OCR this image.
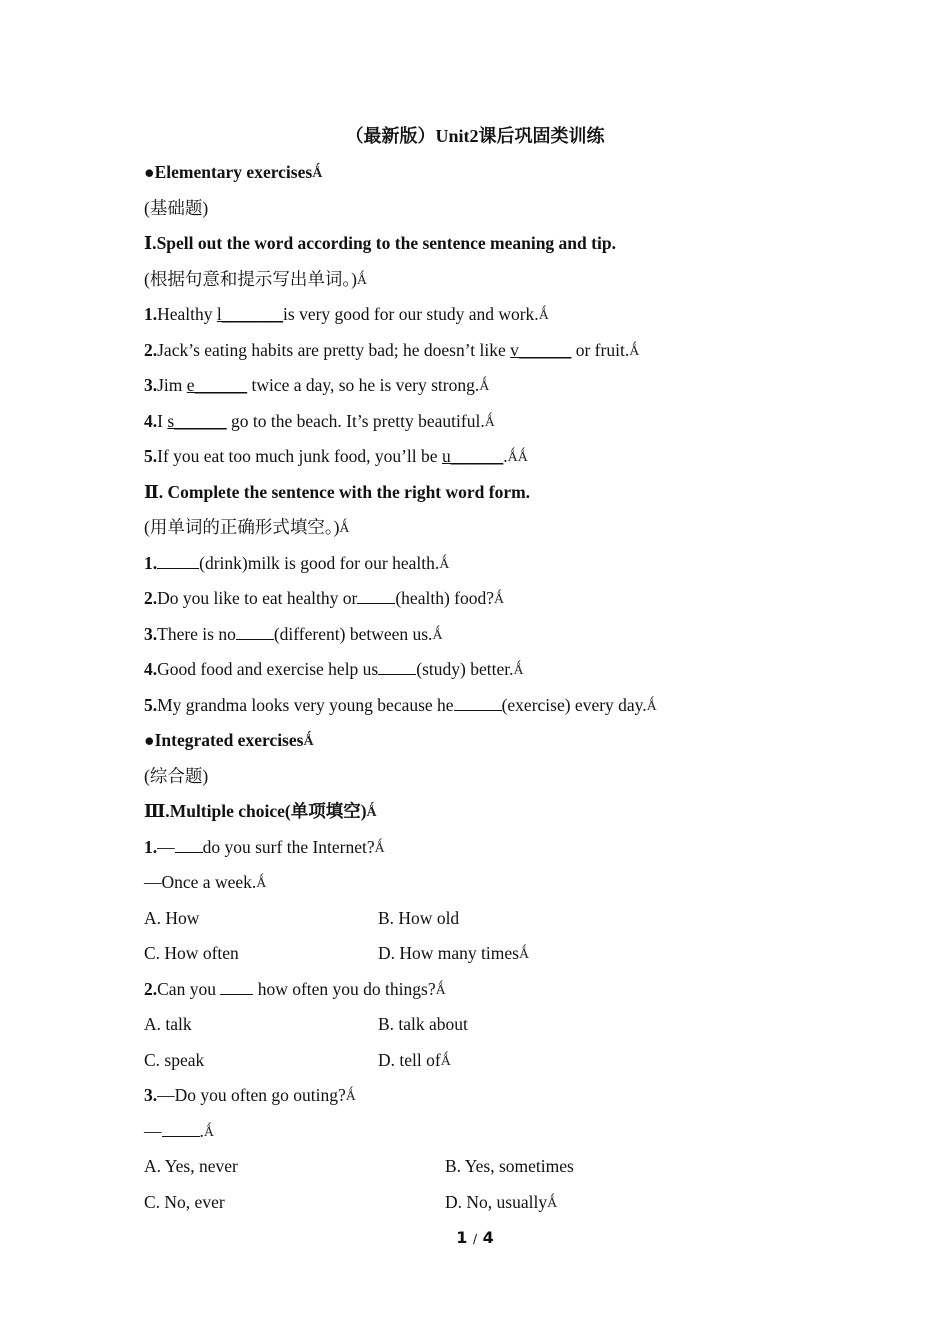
（最新版）Unit2课后巩固类训练
●Elementary exercisesǺ
(基础题)
Ⅰ.Spell out the word according to the sentence meaning and tip.
(根据句意和提示写出单词。)Ǻ
1.Healthy l_______is very good for our study and work.Ǻ
2.Jack’s eating habits are pretty bad; he doesn’t like v______ or fruit.Ǻ
3.Jim e______ twice a day, so he is very strong.Ǻ
4.I s______ go to the beach. It’s pretty beautiful.Ǻ
5.If you eat too much junk food, you’ll be u______.ǺǺ
Ⅱ. Complete the sentence with the right word form.
(用单词的正确形式填空。)Ǻ
1. (drink)milk is good for our health.Ǻ
2.Do you like to eat healthy or (health) food?Ǻ
3.There is no (different) between us.Ǻ
4.Good food and exercise help us (study) better.Ǻ
5.My grandma looks very young because he	(exercise) every day.Ǻ
●Integrated exercisesǺ
(综合题)
Ⅲ.Multiple choice(单项填空)Ǻ
1.— do you surf the Internet?Ǻ
—Once a week.Ǻ
A. How	B. How old
C. How often	D. How many timesǺ
2.Can you  how often you do things?Ǻ
A. talk	B. talk about
C. speak	D. tell ofǺ
3.—Do you often go outing?Ǻ
— .Ǻ
A. Yes, never	B. Yes, sometimes
C. No, ever	D. No, usuallyǺ
1 / 4
